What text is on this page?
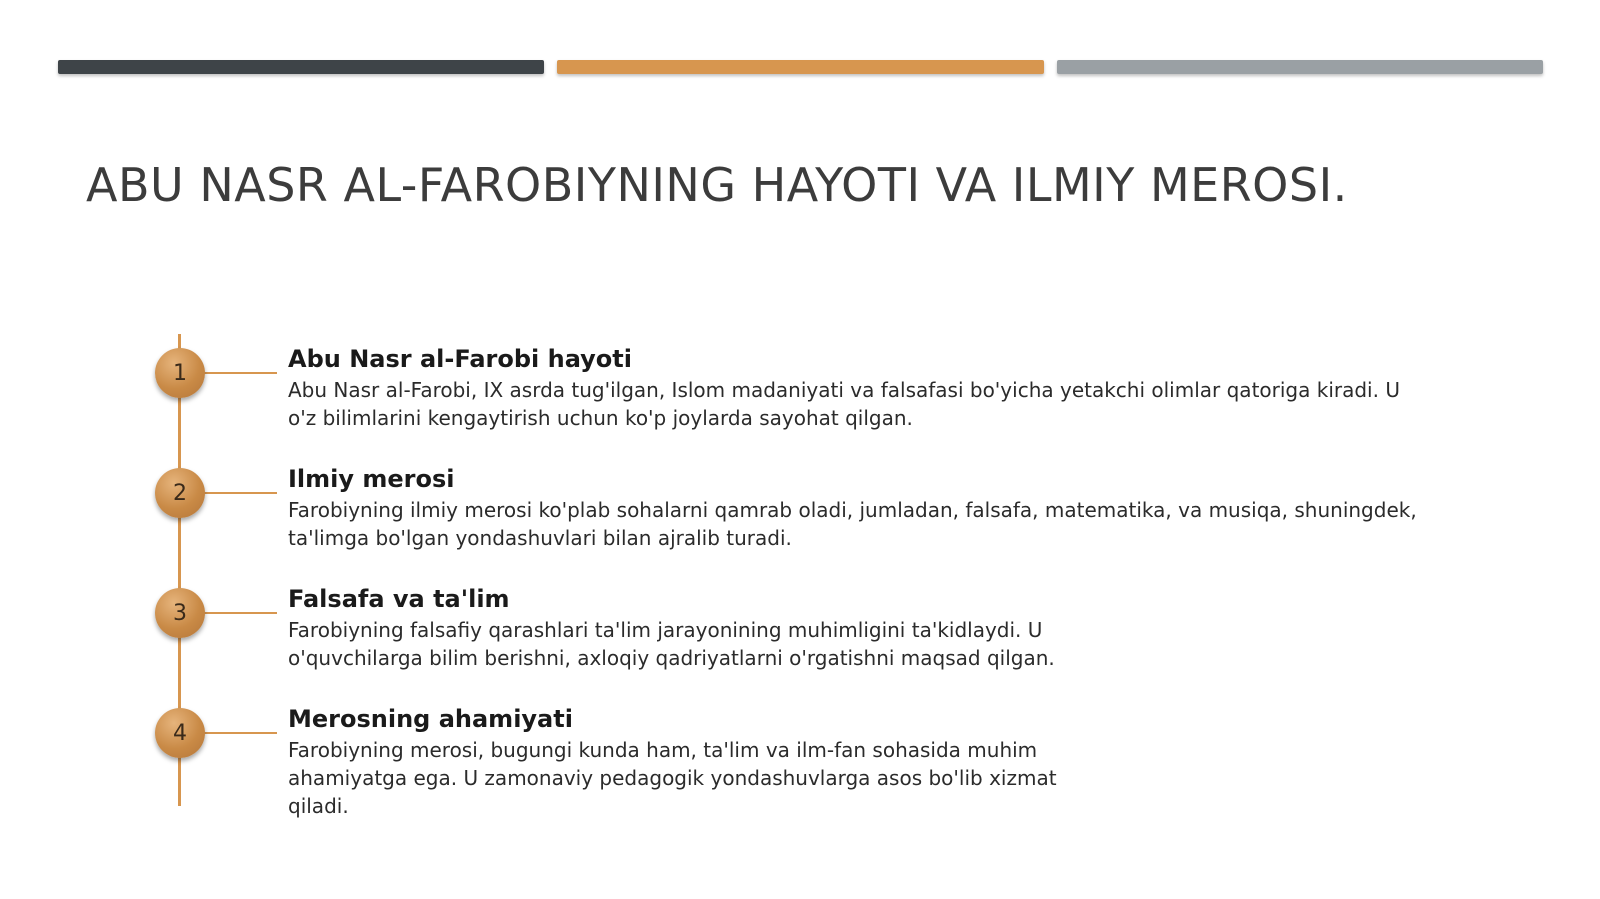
ABU NASR AL-FAROBIYNING HAYOTI VA ILMIY MEROSI.
1	Abu Nasr al-Farobi hayoti

Abu Nasr al-Farobi, IX asrda tug'ilgan, Islom madaniyati va falsafasi bo'yicha yetakchi olimlar qatoriga kiradi. U o'z bilimlarini kengaytirish uchun ko'p joylarda sayohat qilgan.

2	Ilmiy merosi

Farobiyning ilmiy merosi ko'plab sohalarni qamrab oladi, jumladan, falsafa, matematika, va musiqa, shuningdek, ta'limga bo'lgan yondashuvlari bilan ajralib turadi.

3	Falsafa va ta'lim

Farobiyning falsafiy qarashlari ta'lim jarayonining muhimligini ta'kidlaydi. U o'quvchilarga bilim berishni, axloqiy qadriyatlarni o'rgatishni maqsad qilgan.

4	Merosning ahamiyati

Farobiyning merosi, bugungi kunda ham, ta'lim va ilm-fan sohasida muhim ahamiyatga ega. U zamonaviy pedagogik yondashuvlarga asos bo'lib xizmat qiladi.
